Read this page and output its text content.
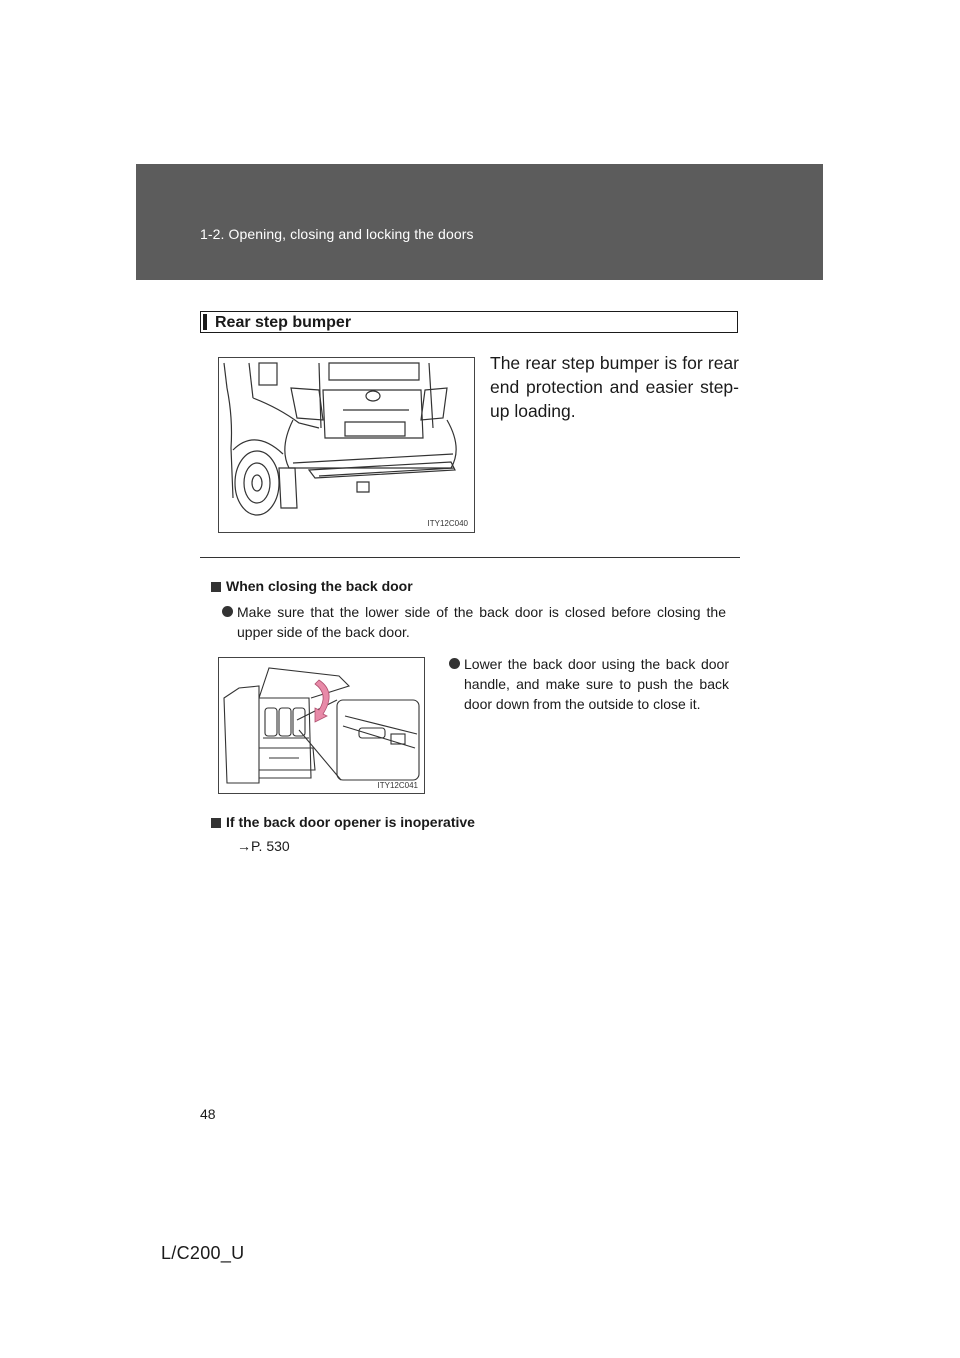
1-2. Opening, closing and locking the doors
Rear step bumper
ITY12C040
The rear step bumper is for rear end protection and easier step-up loading.
When closing the back door
Make sure that the lower side of the back door is closed before closing the upper side of the back door.
ITY12C041
Lower the back door using the back door handle, and make sure to push the back door down from the outside to close it.
If the back door opener is inoperative
→P. 530
48
L/C200_U
